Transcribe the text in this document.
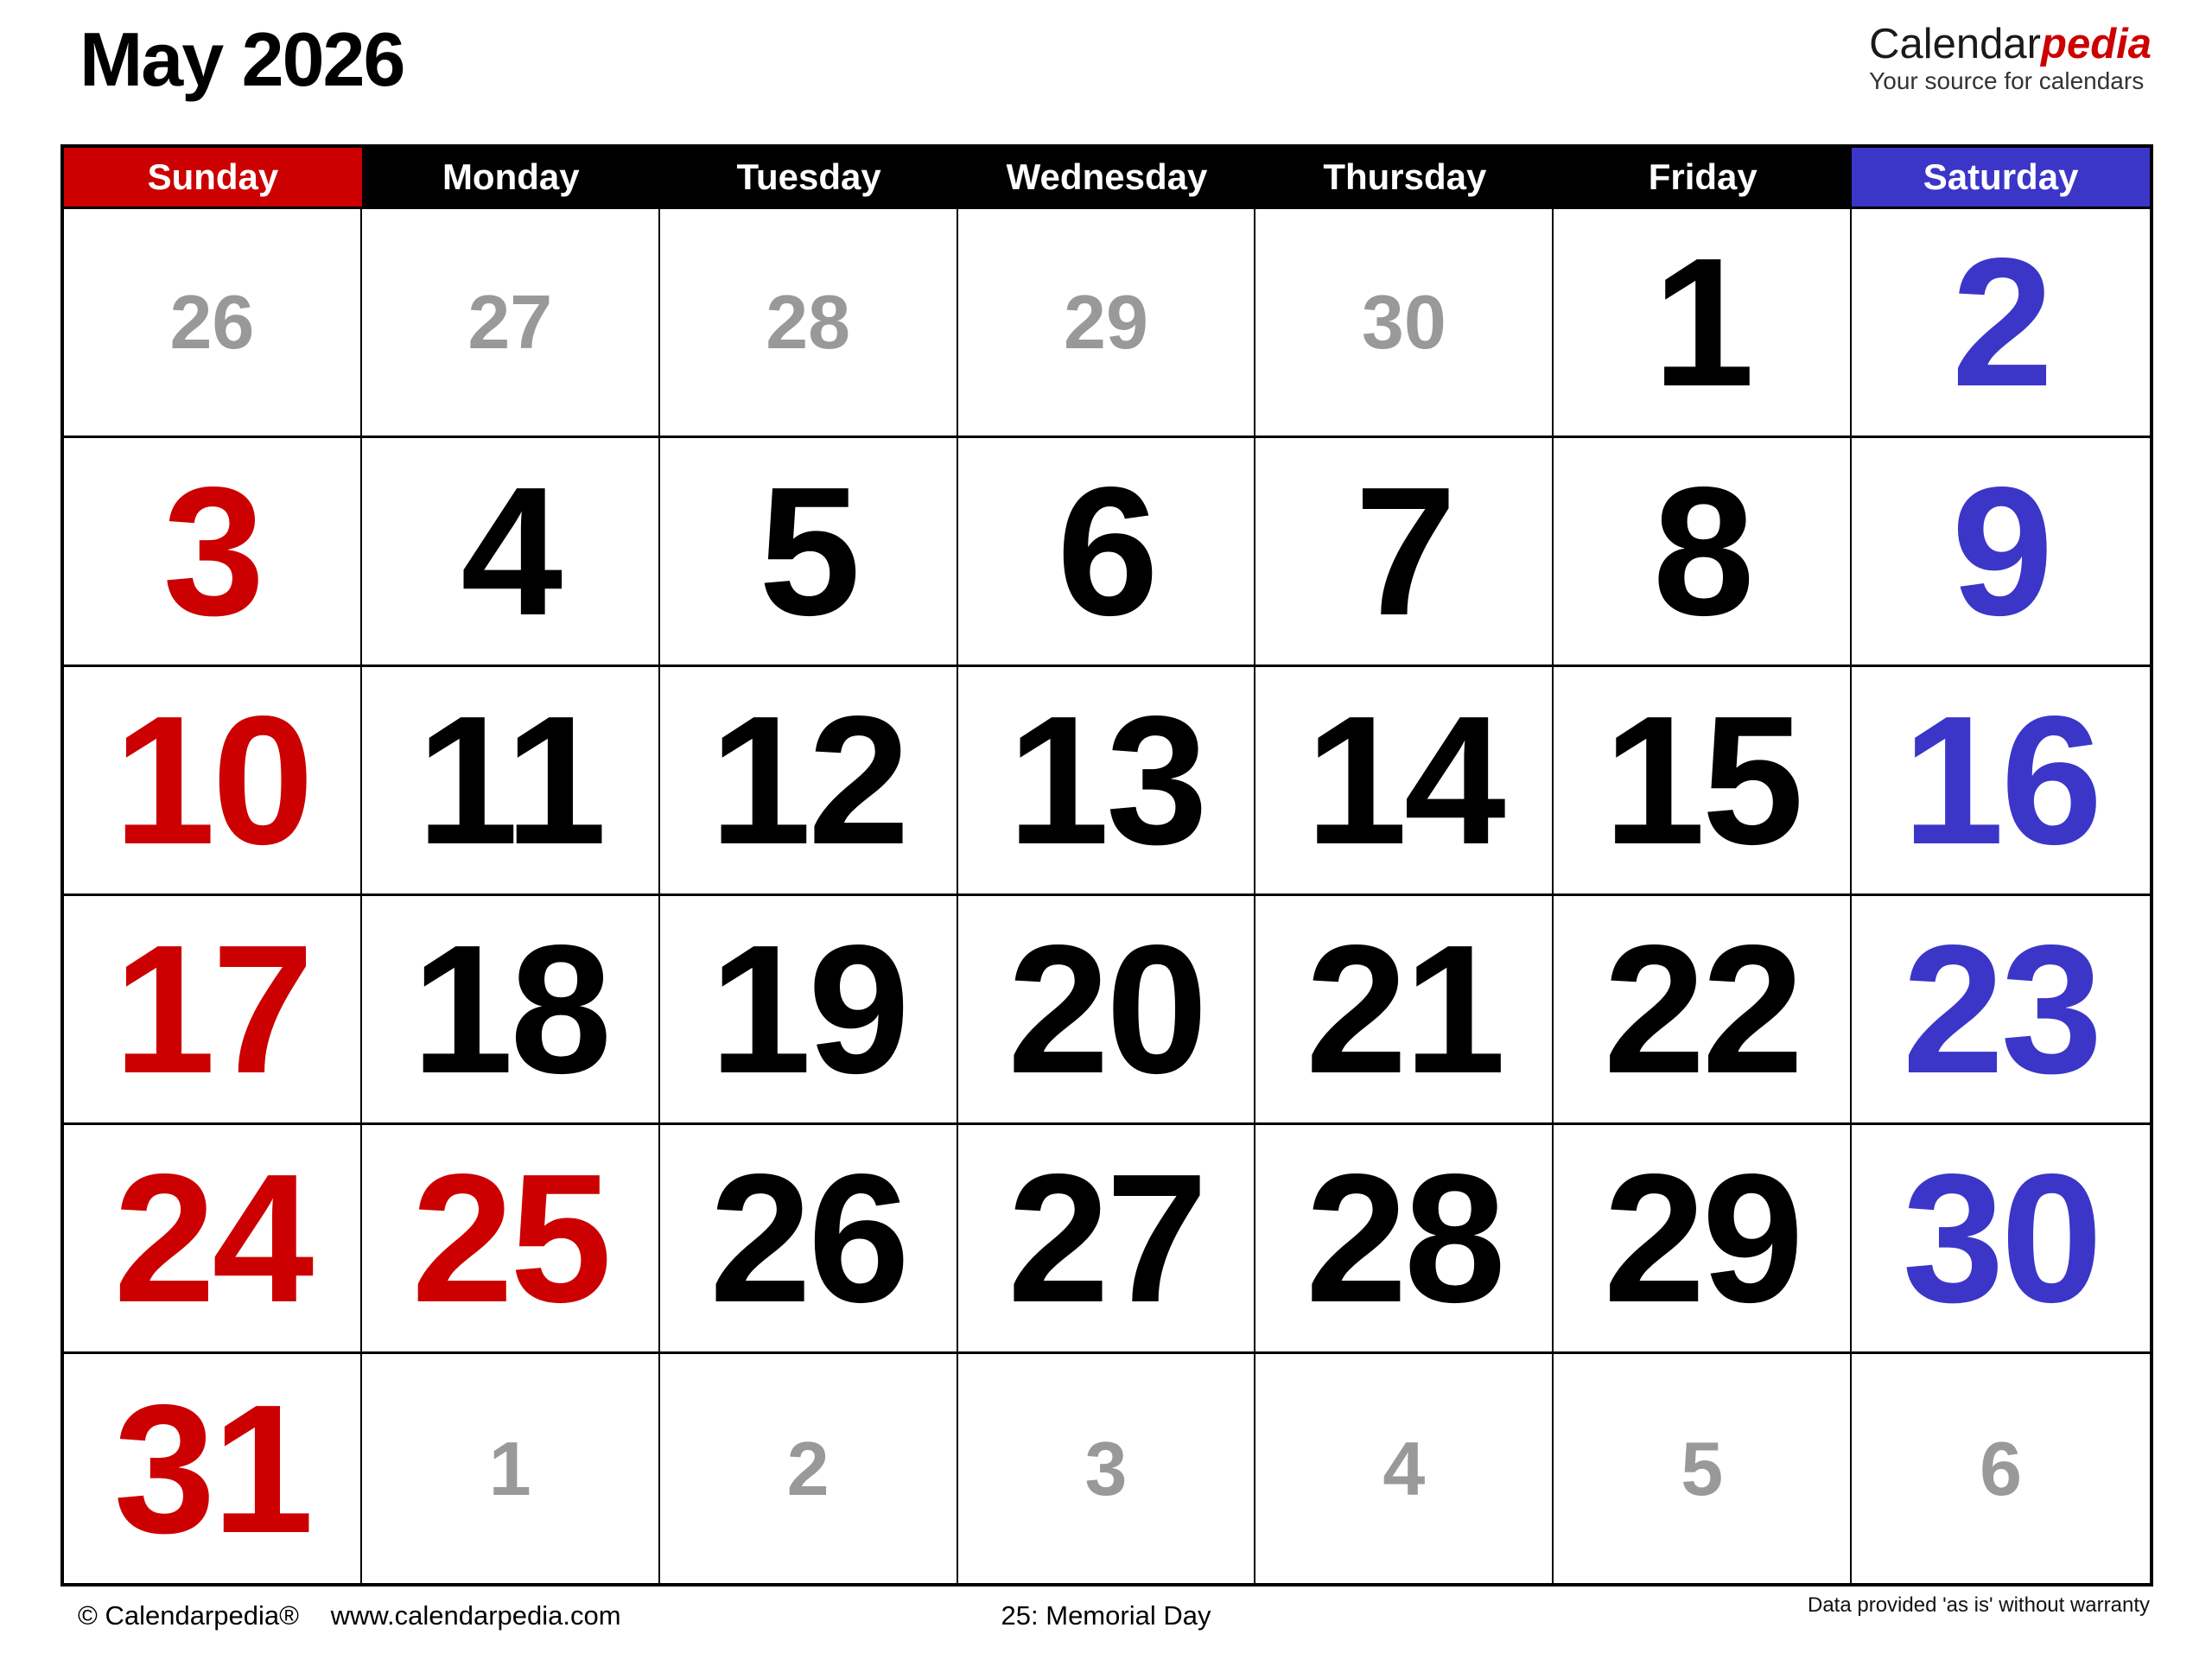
May 2026	Calendarpedia
Your source for calendars
Sunday	Monday	Tuesday	Wednesday	Thursday	Friday	Saturday
26	27	28	29	30 1 2
3 4 5 6 7 8 9
10 11 12 13 14 15 16
17 18 19 20 21 22 23
24 25 26 27 28 29 30
31 1	2	3	4	5	6
© Calendarpedia® www.calendarpedia.com	25: Memorial Day	Data provided 'as is' without warranty
